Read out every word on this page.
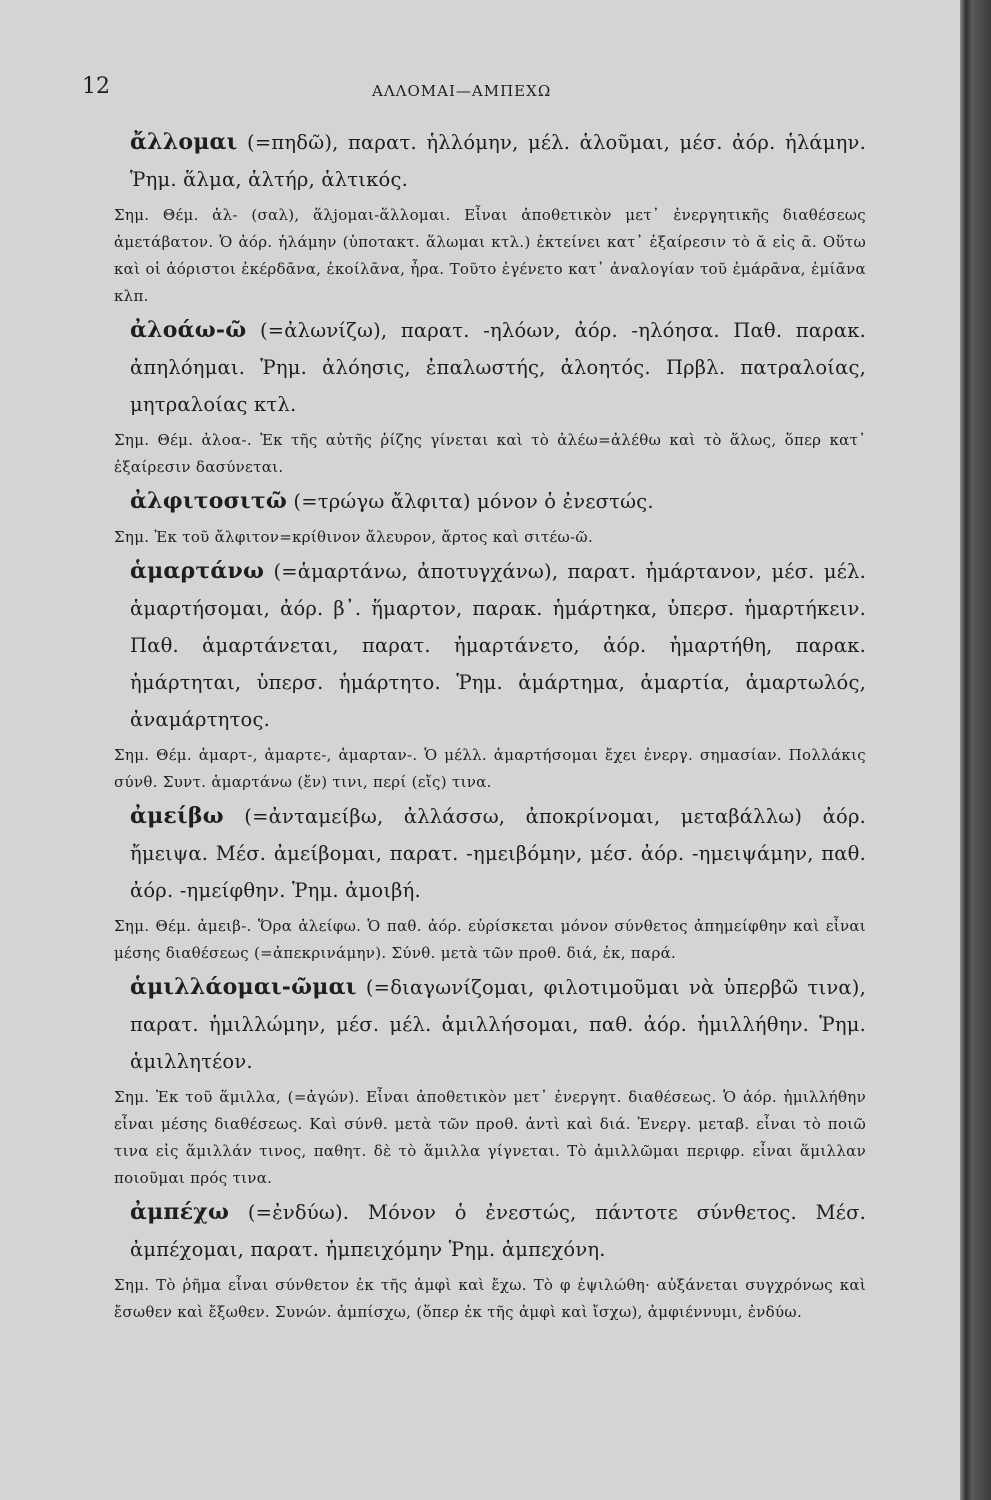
12	ΑΛΛΟΜΑΙ—ΑΜΠΕΧΩ

ἄλλομαι (=πηδῶ), παρατ. ἡλλόμην, μέλ. ἁλοῦμαι, μέσ. ἀόρ. ἡλάμην. Ῥημ. ἅλμα, ἁλτήρ, ἁλτικός.

Σημ. Θέμ. ἁλ- (σαλ), ἅλjομαι-ἅλλομαι. Εἶναι ἀποθετικὸν μετ᾽ ἐνεργητικῆς διαθέσεως ἀμετάβατον. Ὁ ἀόρ. ἡλάμην (ὑποτακτ. ἅλωμαι κτλ.) ἐκτείνει κατ᾽ ἐξαίρεσιν τὸ ᾰ εἰς ᾱ. Οὕτω καὶ οἱ ἀόριστοι ἐκέρδᾱνα, ἐκοίλᾱνα, ἦρα. Τοῦτο ἐγένετο κατ᾽ ἀναλογίαν τοῦ ἐμάρᾱνα, ἐμίᾱνα κλπ.

ἀλοάω-ῶ (=ἀλωνίζω), παρατ. -ηλόων, ἀόρ. -ηλόησα. Παθ. παρακ. ἀπηλόημαι. Ῥημ. ἀλόησις, ἐπαλωστής, ἀλοητός. Πρβλ. πατραλοίας, μητραλοίας κτλ.

Σημ. Θέμ. ἀλοα-. Ἐκ τῆς αὐτῆς ῥίζης γίνεται καὶ τὸ ἀλέω=ἀλέθω καὶ τὸ ἅλως, ὅπερ κατ᾽ ἐξαίρεσιν δασύνεται.

ἀλφιτοσιτῶ (=τρώγω ἄλφιτα) μόνον ὁ ἐνεστώς.

Σημ. Ἐκ τοῦ ἄλφιτον=κρίθινον ἄλευρον, ἄρτος καὶ σιτέω-ῶ.

ἁμαρτάνω (=ἁμαρτάνω, ἀποτυγχάνω), παρατ. ἡμάρτανον, μέσ. μέλ. ἁμαρτήσομαι, ἀόρ. β᾽. ἥμαρτον, παρακ. ἡμάρτηκα, ὑπερσ. ἡμαρτήκειν. Παθ. ἁμαρτάνεται, παρατ. ἡμαρτάνετο, ἀόρ. ἡμαρτήθη, παρακ. ἡμάρτηται, ὑπερσ. ἡμάρτητο. Ῥημ. ἁμάρτημα, ἁμαρτία, ἁμαρτωλός, ἀναμάρτητος.

Σημ. Θέμ. ἁμαρτ-, ἁμαρτε-, ἁμαρταν-. Ὁ μέλλ. ἁμαρτήσομαι ἔχει ἐνεργ. σημασίαν. Πολλάκις σύνθ. Συντ. ἁμαρτάνω (ἔν) τινι, περί (εἴς) τινα.

ἀμείβω (=ἀνταμείβω, ἀλλάσσω, ἀποκρίνομαι, μεταβάλλω) ἀόρ. ἤμειψα. Μέσ. ἀμείβομαι, παρατ. -ημειβόμην, μέσ. ἀόρ. -ημειψάμην, παθ. ἀόρ. -ημείφθην. Ῥημ. ἀμοιβή.

Σημ. Θέμ. ἀμειβ-. Ὅρα ἀλείφω. Ὁ παθ. ἀόρ. εὑρίσκεται μόνον σύνθετος ἀπημείφθην καὶ εἶναι μέσης διαθέσεως (=ἀπεκρινάμην). Σύνθ. μετὰ τῶν προθ. διά, ἐκ, παρά.

ἁμιλλάομαι-ῶμαι (=διαγωνίζομαι, φιλοτιμοῦμαι νὰ ὑπερβῶ τινα), παρατ. ἡμιλλώμην, μέσ. μέλ. ἁμιλλήσομαι, παθ. ἀόρ. ἡμιλλήθην. Ῥημ. ἁμιλλητέον.

Σημ. Ἐκ τοῦ ἅμιλλα, (=ἀγών). Εἶναι ἀποθετικὸν μετ᾽ ἐνεργητ. διαθέσεως. Ὁ ἀόρ. ἡμιλλήθην εἶναι μέσης διαθέσεως. Καὶ σύνθ. μετὰ τῶν προθ. ἀντὶ καὶ διά. Ἐνεργ. μεταβ. εἶναι τὸ ποιῶ τινα εἰς ἅμιλλάν τινος, παθητ. δὲ τὸ ἅμιλλα γίγνεται. Τὸ ἁμιλλῶμαι περιφρ. εἶναι ἅμιλλαν ποιοῦμαι πρός τινα.

ἀμπέχω (=ἐνδύω). Μόνον ὁ ἐνεστώς, πάντοτε σύνθετος. Μέσ. ἀμπέχομαι, παρατ. ἠμπειχόμην Ῥημ. ἀμπεχόνη.

Σημ. Τὸ ῥῆμα εἶναι σύνθετον ἐκ τῆς ἀμφὶ καὶ ἔχω. Τὸ φ ἐψιλώθη· αὐξάνεται συγχρόνως καὶ ἔσωθεν καὶ ἔξωθεν. Συνών. ἀμπίσχω, (ὅπερ ἐκ τῆς ἀμφὶ καὶ ἴσχω), ἀμφιέννυμι, ἐνδύω.
